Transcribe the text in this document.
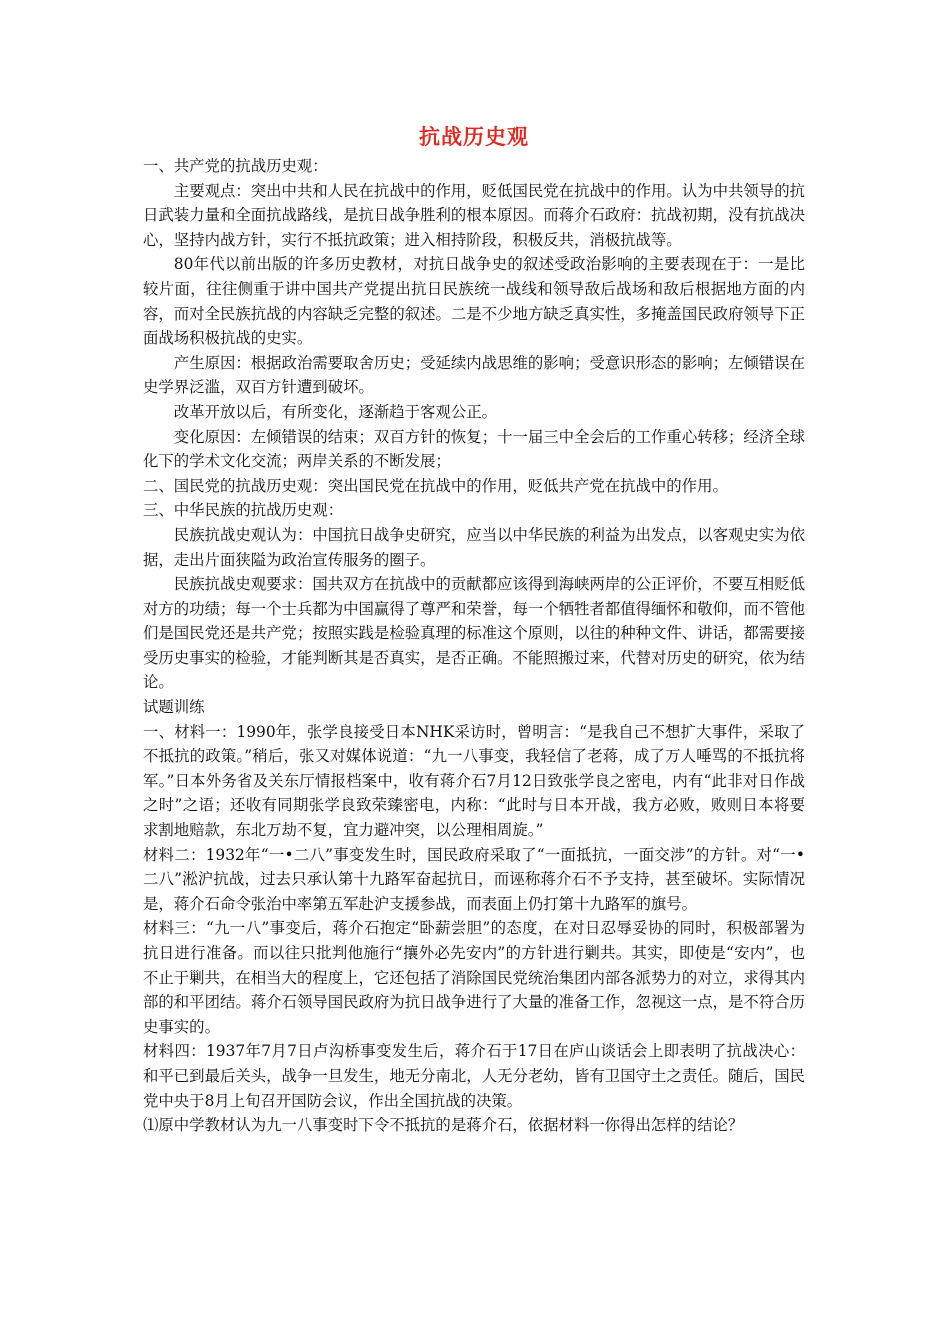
抗战历史观

一、共产党的抗战历史观：

主要观点：突出中共和人民在抗战中的作用，贬低国民党在抗战中的作用。认为中共领导的抗日武装力量和全面抗战路线，是抗日战争胜利的根本原因。而蒋介石政府：抗战初期，没有抗战决心，坚持内战方针，实行不抵抗政策；进入相持阶段，积极反共，消极抗战等。

80年代以前出版的许多历史教材，对抗日战争史的叙述受政治影响的主要表现在于：一是比较片面，往往侧重于讲中国共产党提出抗日民族统一战线和领导敌后战场和敌后根据地方面的内容，而对全民族抗战的内容缺乏完整的叙述。二是不少地方缺乏真实性，多掩盖国民政府领导下正面战场积极抗战的史实。

产生原因：根据政治需要取舍历史；受延续内战思维的影响；受意识形态的影响；左倾错误在史学界泛滥，双百方针遭到破坏。

改革开放以后，有所变化，逐渐趋于客观公正。

变化原因：左倾错误的结束；双百方针的恢复；十一届三中全会后的工作重心转移；经济全球化下的学术文化交流；两岸关系的不断发展；

二、国民党的抗战历史观：突出国民党在抗战中的作用，贬低共产党在抗战中的作用。

三、中华民族的抗战历史观：

民族抗战史观认为：中国抗日战争史研究，应当以中华民族的利益为出发点，以客观史实为依据，走出片面狭隘为政治宣传服务的圈子。

民族抗战史观要求：国共双方在抗战中的贡献都应该得到海峡两岸的公正评价，不要互相贬低对方的功绩；每一个士兵都为中国赢得了尊严和荣誉，每一个牺牲者都值得缅怀和敬仰，而不管他们是国民党还是共产党；按照实践是检验真理的标准这个原则，以往的种种文件、讲话，都需要接受历史事实的检验，才能判断其是否真实，是否正确。不能照搬过来，代替对历史的研究，依为结论。

试题训练

一、材料一：1990年，张学良接受日本NHK采访时，曾明言：“是我自己不想扩大事件，采取了不抵抗的政策。”稍后，张又对媒体说道：“九一八事变，我轻信了老蒋，成了万人唾骂的不抵抗将军。”日本外务省及关东厅情报档案中，收有蒋介石7月12日致张学良之密电，内有“此非对日作战之时”之语；还收有同期张学良致荣臻密电，内称：“此时与日本开战，我方必败，败则日本将要求割地赔款，东北万劫不复，宜力避冲突，以公理相周旋。”

材料二：1932年“一•二八”事变发生时，国民政府采取了“一面抵抗，一面交涉”的方针。对“一•二八”淞沪抗战，过去只承认第十九路军奋起抗日，而诬称蒋介石不予支持，甚至破坏。实际情况是，蒋介石命令张治中率第五军赴沪支援参战，而表面上仍打第十九路军的旗号。

材料三：“九一八”事变后，蒋介石抱定“卧薪尝胆”的态度，在对日忍辱妥协的同时，积极部署为抗日进行准备。而以往只批判他施行“攘外必先安内”的方针进行剿共。其实，即使是“安内”，也不止于剿共，在相当大的程度上，它还包括了消除国民党统治集团内部各派势力的对立，求得其内部的和平团结。蒋介石领导国民政府为抗日战争进行了大量的准备工作，忽视这一点，是不符合历史事实的。

材料四：1937年7月7日卢沟桥事变发生后，蒋介石于17日在庐山谈话会上即表明了抗战决心：和平已到最后关头，战争一旦发生，地无分南北，人无分老幼，皆有卫国守土之责任。随后，国民党中央于8月上旬召开国防会议，作出全国抗战的决策。

⑴原中学教材认为九一八事变时下令不抵抗的是蒋介石，依据材料一你得出怎样的结论？
